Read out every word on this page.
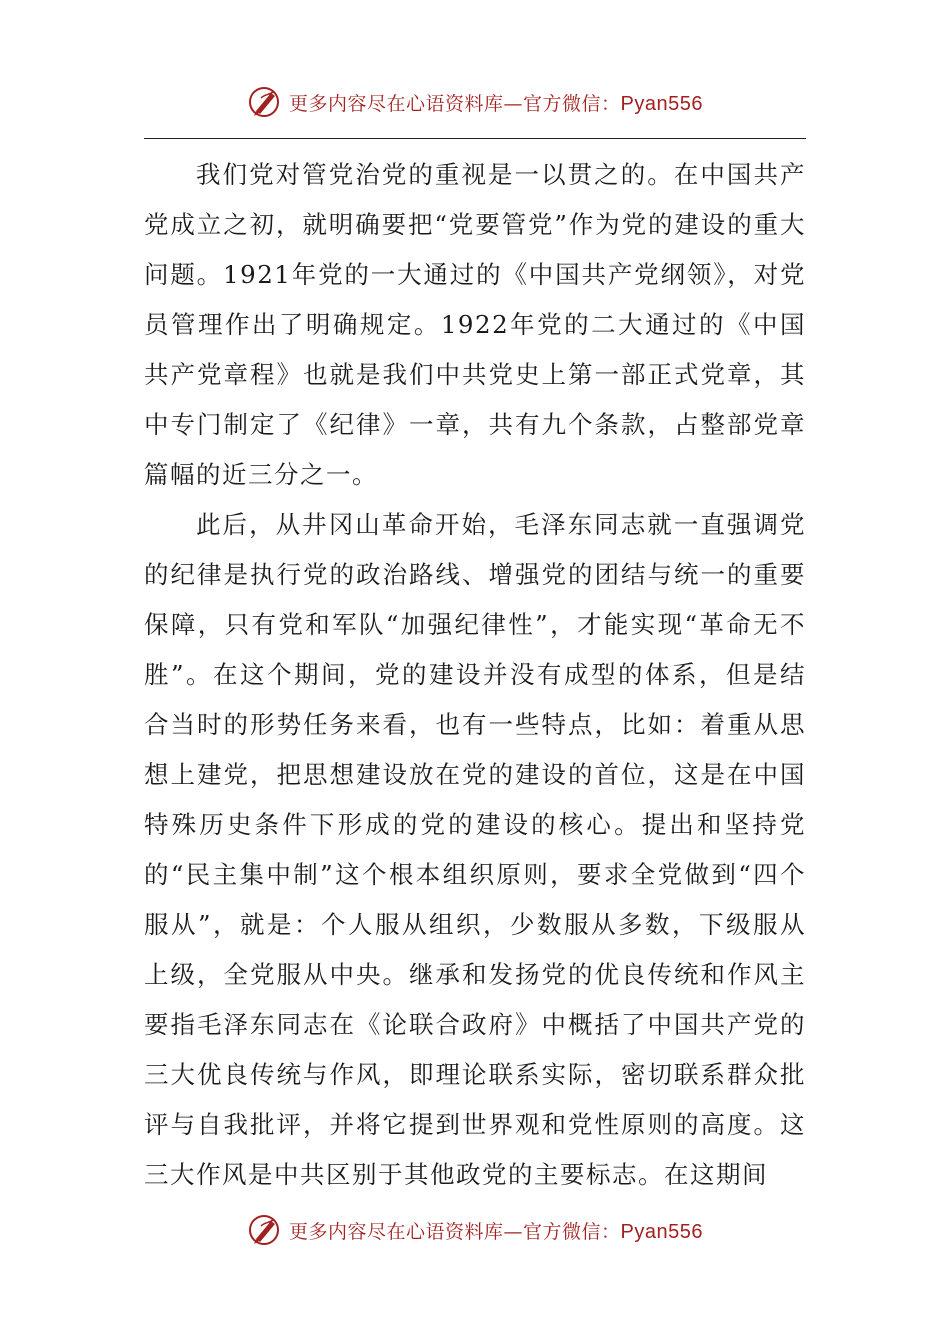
更多内容尽在心语资料库—官方微信：Pyan556

我们党对管党治党的重视是一以贯之的。在中国共产党成立之初，就明确要把“党要管党”作为党的建设的重大问题。1921年党的一大通过的《中国共产党纲领》，对党员管理作出了明确规定。1922年党的二大通过的《中国共产党章程》也就是我们中共党史上第一部正式党章，其中专门制定了《纪律》一章，共有九个条款，占整部党章篇幅的近三分之一。

此后，从井冈山革命开始，毛泽东同志就一直强调党的纪律是执行党的政治路线、增强党的团结与统一的重要保障，只有党和军队“加强纪律性”，才能实现“革命无不胜”。在这个期间，党的建设并没有成型的体系，但是结合当时的形势任务来看，也有一些特点，比如：着重从思想上建党，把思想建设放在党的建设的首位，这是在中国特殊历史条件下形成的党的建设的核心。提出和坚持党的“民主集中制”这个根本组织原则，要求全党做到“四个服从”，就是：个人服从组织，少数服从多数，下级服从上级，全党服从中央。继承和发扬党的优良传统和作风主要指毛泽东同志在《论联合政府》中概括了中国共产党的三大优良传统与作风，即理论联系实际，密切联系群众批评与自我批评，并将它提到世界观和党性原则的高度。这三大作风是中共区别于其他政党的主要标志。在这期间

更多内容尽在心语资料库—官方微信：Pyan556
